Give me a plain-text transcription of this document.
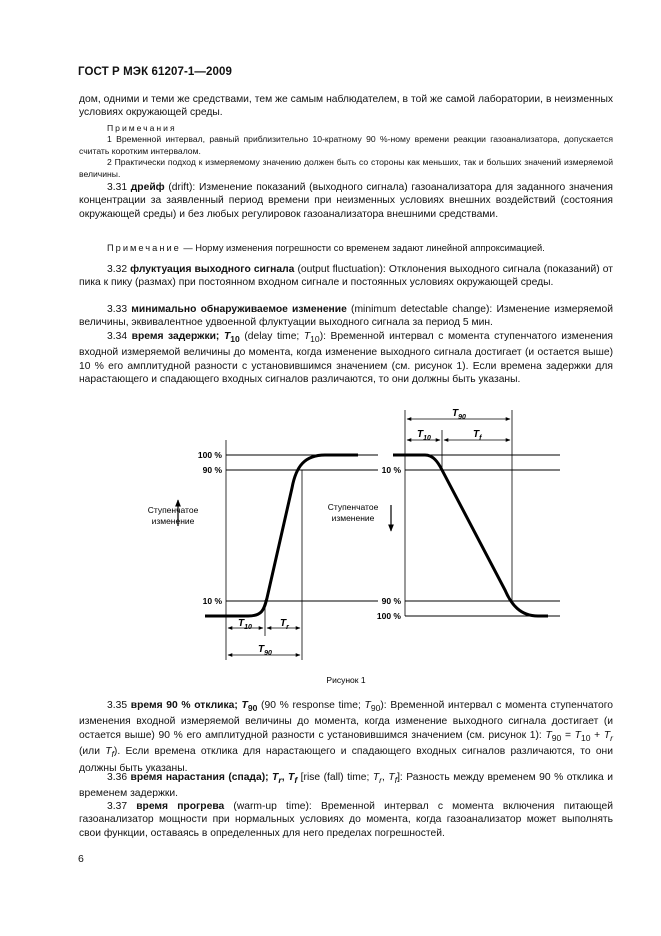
ГОСТ Р МЭК 61207-1—2009
дом, одними и теми же средствами, тем же самым наблюдателем, в той же самой лаборатории, в неизменных условиях окружающей среды.
Примечания
1 Временной интервал, равный приблизительно 10-кратному 90 %-ному времени реакции газоанализатора, допускается считать коротким интервалом.
2 Практически подход к измеряемому значению должен быть со стороны как меньших, так и больших значений измеряемой величины.
3.31 дрейф (drift): Изменение показаний (выходного сигнала) газоанализатора для заданного значения концентрации за заявленный период времени при неизменных условиях внешних воздействий (состояния окружающей среды) и без любых регулировок газоанализатора внешними средствами.
Примечание — Норму изменения погрешности со временем задают линейной аппроксимацией.
3.32 флуктуация выходного сигнала (output fluctuation): Отклонения выходного сигнала (показаний) от пика к пику (размах) при постоянном входном сигнале и постоянных условиях окружающей среды.
3.33 минимально обнаруживаемое изменение (minimum detectable change): Изменение измеряемой величины, эквивалентное удвоенной флуктуации выходного сигнала за период 5 мин.
3.34 время задержки; $T_{10}$ (delay time; $T_{10}$): Временной интервал с момента ступенчатого изменения входной измеряемой величины до момента, когда изменение выходного сигнала достигает (и остается выше) 10 % его амплитудной разности с установившимся значением (см. рисунок 1). Если времена задержки для нарастающего и спадающего входных сигналов различаются, то они должны быть указаны.
100 %
90 %
10 %
Ступенчатое
изменение
$T_{10}$	$T_r$
$T_{90}$
10 %
90 %
100 %
Ступенчатое
изменение
$T_{90}$
$T_{10}$	$T_f$
Рисунок 1
3.35 время 90 % отклика; $T_{90}$ (90 % response time; $T_{90}$): Временной интервал с момента ступенчатого изменения входной измеряемой величины до момента, когда изменение выходного сигнала достигает (и остается выше) 90 % его амплитудной разности с установившимся значением (см. рисунок 1): $T_{90} = T_{10} + T_r$ (или $T_f$). Если времена отклика для нарастающего и спадающего входных сигналов различаются, то они должны быть указаны.
3.36 время нарастания (спада); $T_r$, $T_f$ [rise (fall) time; $T_r$, $T_f$]: Разность между временем 90 % отклика и временем задержки.
3.37 время прогрева (warm-up time): Временной интервал с момента включения питающей газоанализатор мощности при нормальных условиях до момента, когда газоанализатор может выполнять свои функции, оставаясь в определенных для него пределах погрешностей.
6
